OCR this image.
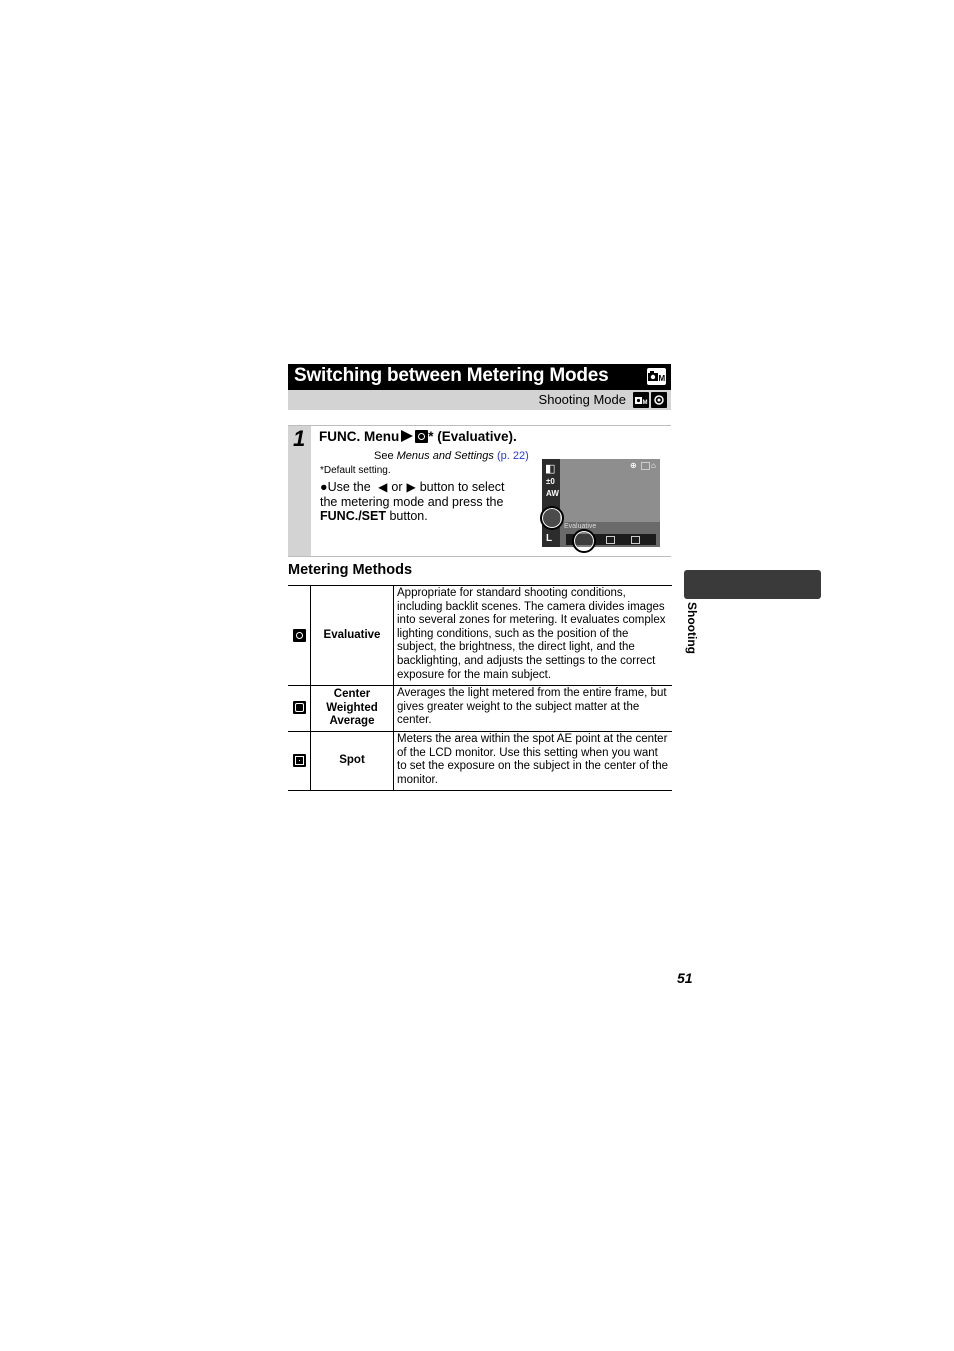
Switching between Metering Modes	M
Shooting Mode	M
1 FUNC. Menu * (Evaluative).
See Menus and Settings (p. 22)
*Default setting.
●Use the ◀ or ▶ button to select the metering mode and press the FUNC./SET button.
◧
±0
AW
L
⊕ ⌂
Evaluative
Metering Methods
	Evaluative	Appropriate for standard shooting conditions, including backlit scenes. The camera divides images into several zones for metering. It evaluates complex lighting conditions, such as the position of the subject, the brightness, the direct light, and the backlighting, and adjusts the settings to the correct exposure for the main subject.

	Center Weighted Average	Averages the light metered from the entire frame, but gives greater weight to the subject matter at the center.

	Spot	Meters the area within the spot AE point at the center of the LCD monitor. Use this setting when you want to set the exposure on the subject in the center of the monitor.
Shooting
51
